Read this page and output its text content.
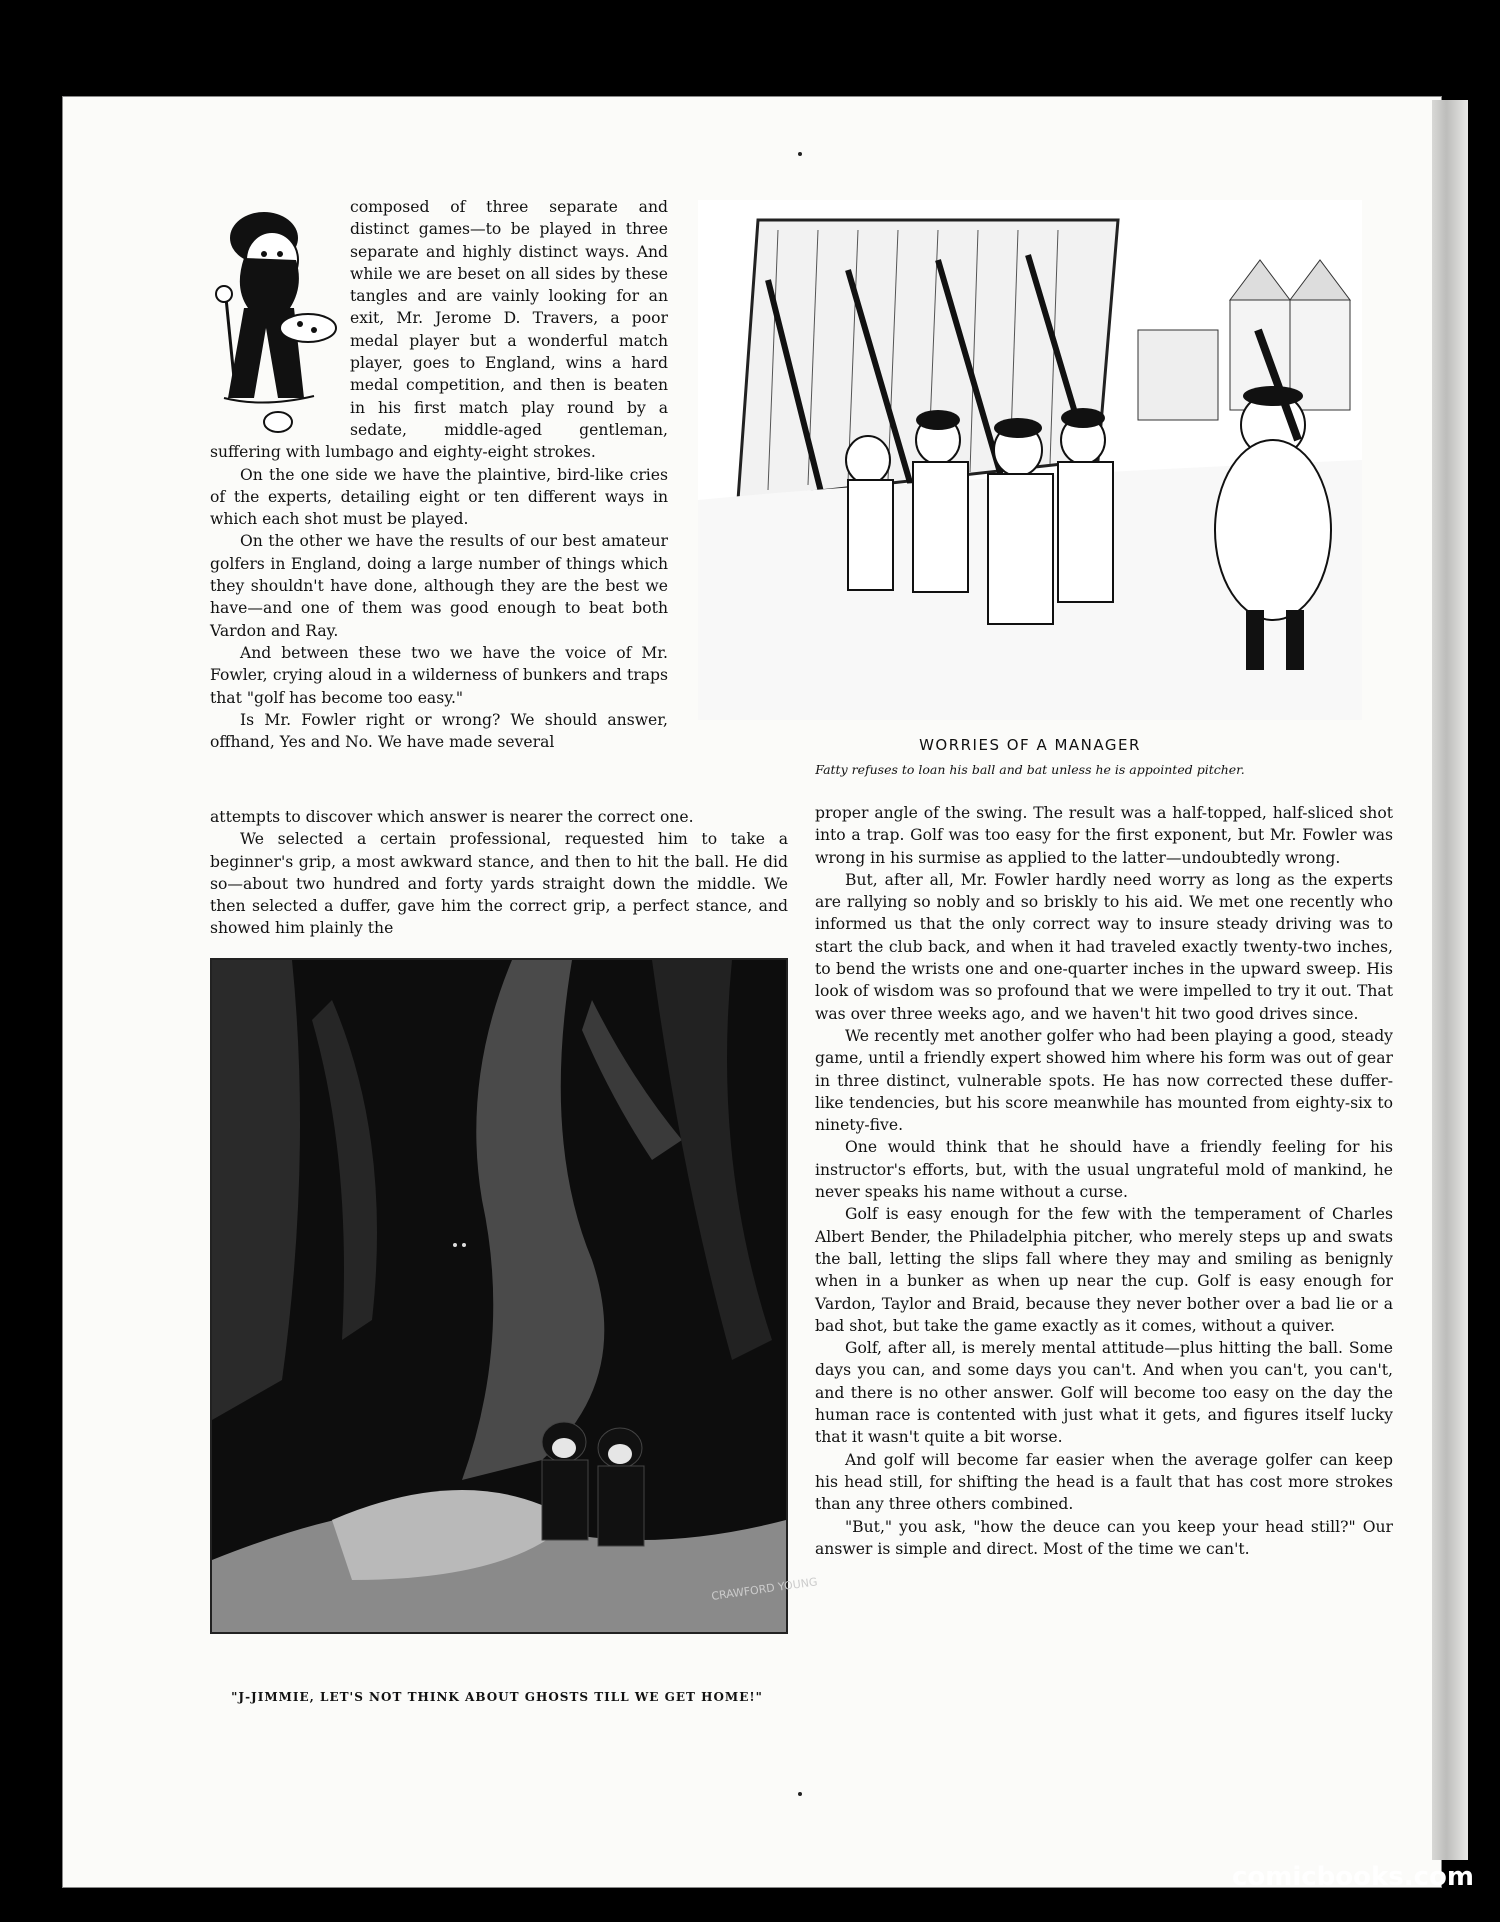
composed of three separate and distinct games—to be played in three separate and highly distinct ways. And while we are beset on all sides by these tangles and are vainly looking for an exit, Mr. Jerome D. Travers, a poor medal player but a wonderful match player, goes to England, wins a hard medal competition, and then is beaten in his first match play round by a sedate, middle-aged gentleman, suffering with lumbago and eighty-eight strokes.

On the one side we have the plaintive, bird-like cries of the experts, detailing eight or ten different ways in which each shot must be played.

On the other we have the results of our best amateur golfers in England, doing a large number of things which they shouldn't have done, although they are the best we have—and one of them was good enough to beat both Vardon and Ray.

And between these two we have the voice of Mr. Fowler, crying aloud in a wilderness of bunkers and traps that "golf has become too easy."

Is Mr. Fowler right or wrong? We should answer, offhand, Yes and No. We have made several	WORRIES OF A MANAGER
Fatty refuses to loan his ball and bat unless he is appointed pitcher.

attempts to discover which answer is nearer the correct one.

We selected a certain professional, requested him to take a beginner's grip, a most awkward stance, and then to hit the ball. He did so—about two hundred and forty yards straight down the middle. We then selected a duffer, gave him the correct grip, a perfect stance, and showed him plainly the

proper angle of the swing. The result was a half-topped, half-sliced shot into a trap. Golf was too easy for the first exponent, but Mr. Fowler was wrong in his surmise as applied to the latter—undoubtedly wrong.

But, after all, Mr. Fowler hardly need worry as long as the experts are rallying so nobly and so briskly to his aid. We met one recently who informed us that the only correct way to insure steady driving was to start the club back, and when it had traveled exactly twenty-two inches, to bend the wrists one and one-quarter inches in the upward sweep. His look of wisdom was so profound that we were impelled to try it out. That was over three weeks ago, and we haven't hit two good drives since.

We recently met another golfer who had been playing a good, steady game, until a friendly expert showed him where his form was out of gear in three distinct, vulnerable spots. He has now corrected these duffer-like tendencies, but his score meanwhile has mounted from eighty-six to ninety-five.

One would think that he should have a friendly feeling for his instructor's efforts, but, with the usual ungrateful mold of mankind, he never speaks his name without a curse.

Golf is easy enough for the few with the temperament of Charles Albert Bender, the Philadelphia pitcher, who merely steps up and swats the ball, letting the slips fall where they may and smiling as benignly when in a bunker as when up near the cup. Golf is easy enough for Vardon, Taylor and Braid, because they never bother over a bad lie or a bad shot, but take the game exactly as it comes, without a quiver.

Golf, after all, is merely mental attitude—plus hitting the ball. Some days you can, and some days you can't. And when you can't, you can't, and there is no other answer. Golf will become too easy on the day the human race is contented with just what it gets, and figures itself lucky that it wasn't quite a bit worse.

And golf will become far easier when the average golfer can keep his head still, for shifting the head is a fault that has cost more strokes than any three others combined.

"But," you ask, "how the deuce can you keep your head still?" Our answer is simple and direct. Most of the time we can't.

CRAWFORD YOUNG
"J-JIMMIE, LET'S NOT THINK ABOUT GHOSTS TILL WE GET HOME!"
comicbooks.com
